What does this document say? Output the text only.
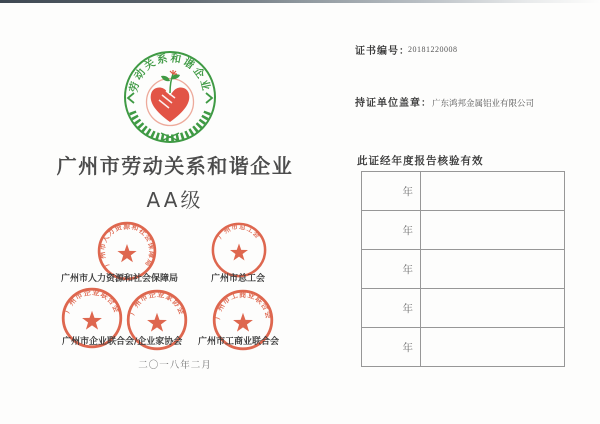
劳动关系和谐企业
广州市劳动关系和谐企业
AA级
广州市人力资源和社会保障局
广州市总工会
广州市人力资源和社会保障局	广州市总工会
广州市企业联合会 广州市企业家协会	广州市工商业联合会
广州市企业联合会/企业家协会 广州市工商业联合会
二〇一八年二月
证书编号：
20181220008
持证单位盖章： 广东鸿邦金属铝业有限公司
此证经年度报告核验有效
年	
年	
年	
年	
年	
